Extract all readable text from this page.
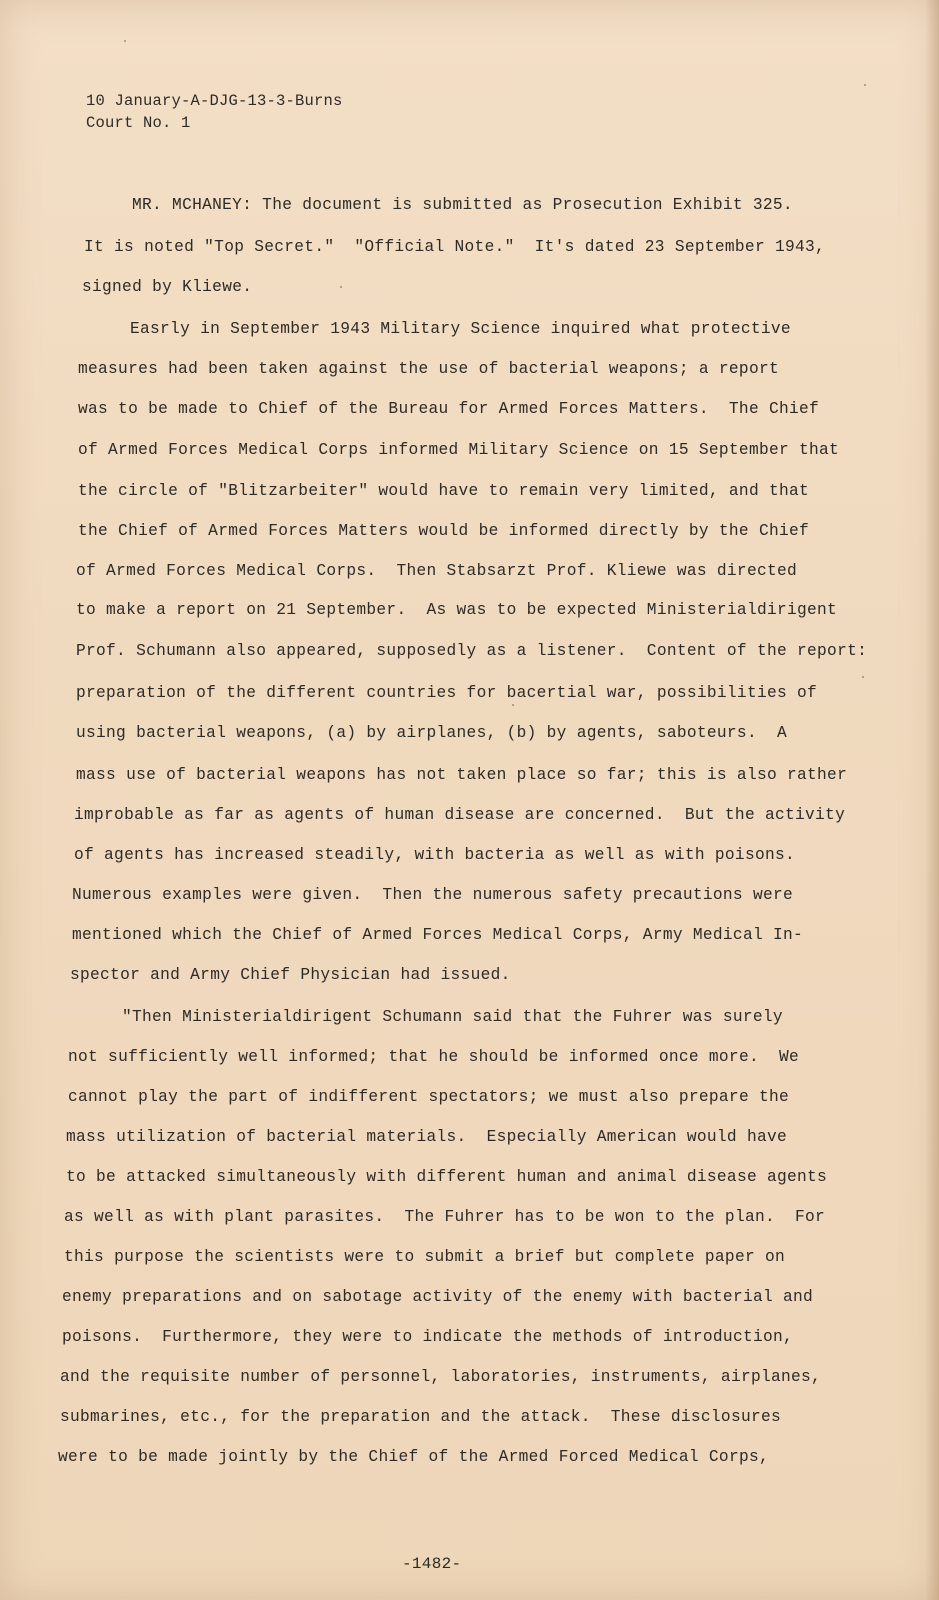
10 January-A-DJG-13-3-Burns
Court No. 1
MR. MCHANEY: The document is submitted as Prosecution Exhibit 325.
It is noted "Top Secret."  "Official Note."  It's dated 23 September 1943,
signed by Kliewe.
Easrly in September 1943 Military Science inquired what protective
measures had been taken against the use of bacterial weapons; a report
was to be made to Chief of the Bureau for Armed Forces Matters.  The Chief
of Armed Forces Medical Corps informed Military Science on 15 September that
the circle of "Blitzarbeiter" would have to remain very limited, and that
the Chief of Armed Forces Matters would be informed directly by the Chief
of Armed Forces Medical Corps.  Then Stabsarzt Prof. Kliewe was directed
to make a report on 21 September.  As was to be expected Ministerialdirigent
Prof. Schumann also appeared, supposedly as a listener.  Content of the report:
preparation of the different countries for bacertial war, possibilities of
using bacterial weapons, (a) by airplanes, (b) by agents, saboteurs.  A
mass use of bacterial weapons has not taken place so far; this is also rather
improbable as far as agents of human disease are concerned.  But the activity
of agents has increased steadily, with bacteria as well as with poisons.
Numerous examples were given.  Then the numerous safety precautions were
mentioned which the Chief of Armed Forces Medical Corps, Army Medical In-
spector and Army Chief Physician had issued.
"Then Ministerialdirigent Schumann said that the Fuhrer was surely
not sufficiently well informed; that he should be informed once more.  We
cannot play the part of indifferent spectators; we must also prepare the
mass utilization of bacterial materials.  Especially American would have
to be attacked simultaneously with different human and animal disease agents
as well as with plant parasites.  The Fuhrer has to be won to the plan.  For
this purpose the scientists were to submit a brief but complete paper on
enemy preparations and on sabotage activity of the enemy with bacterial and
poisons.  Furthermore, they were to indicate the methods of introduction,
and the requisite number of personnel, laboratories, instruments, airplanes,
submarines, etc., for the preparation and the attack.  These disclosures
were to be made jointly by the Chief of the Armed Forced Medical Corps,
-1482-
